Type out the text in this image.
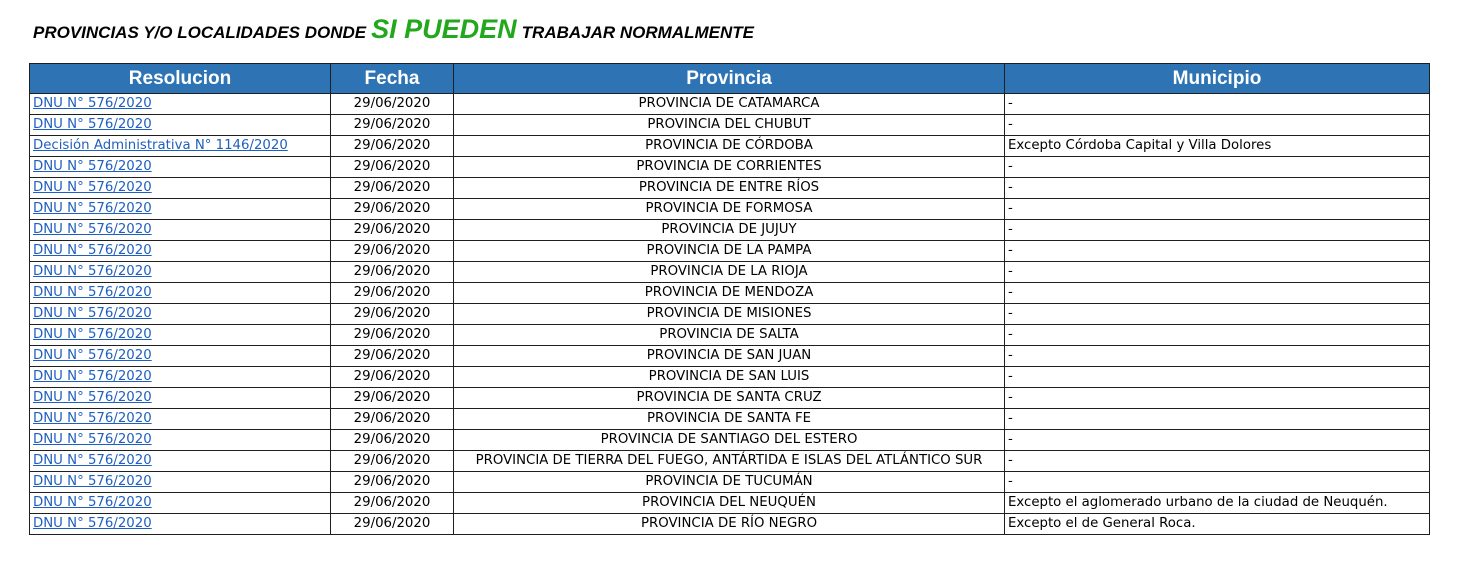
PROVINCIAS Y/O LOCALIDADES DONDE SI PUEDEN TRABAJAR NORMALMENTE
Resolucion	Fecha	Provincia	Municipio
DNU N° 576/2020	29/06/2020	PROVINCIA DE CATAMARCA	-
DNU N° 576/2020	29/06/2020	PROVINCIA DEL CHUBUT	-
Decisión Administrativa N° 1146/2020	29/06/2020	PROVINCIA DE CÓRDOBA	Excepto Córdoba Capital y Villa Dolores
DNU N° 576/2020	29/06/2020	PROVINCIA DE CORRIENTES	-
DNU N° 576/2020	29/06/2020	PROVINCIA DE ENTRE RÍOS	-
DNU N° 576/2020	29/06/2020	PROVINCIA DE FORMOSA	-
DNU N° 576/2020	29/06/2020	PROVINCIA DE JUJUY	-
DNU N° 576/2020	29/06/2020	PROVINCIA DE LA PAMPA	-
DNU N° 576/2020	29/06/2020	PROVINCIA DE LA RIOJA	-
DNU N° 576/2020	29/06/2020	PROVINCIA DE MENDOZA	-
DNU N° 576/2020	29/06/2020	PROVINCIA DE MISIONES	-
DNU N° 576/2020	29/06/2020	PROVINCIA DE SALTA	-
DNU N° 576/2020	29/06/2020	PROVINCIA DE SAN JUAN	-
DNU N° 576/2020	29/06/2020	PROVINCIA DE SAN LUIS	-
DNU N° 576/2020	29/06/2020	PROVINCIA DE SANTA CRUZ	-
DNU N° 576/2020	29/06/2020	PROVINCIA DE SANTA FE	-
DNU N° 576/2020	29/06/2020	PROVINCIA DE SANTIAGO DEL ESTERO	-
DNU N° 576/2020	29/06/2020	PROVINCIA DE TIERRA DEL FUEGO, ANTÁRTIDA E ISLAS DEL ATLÁNTICO SUR	-
DNU N° 576/2020	29/06/2020	PROVINCIA DE TUCUMÁN	-
DNU N° 576/2020	29/06/2020	PROVINCIA DEL NEUQUÉN	Excepto el aglomerado urbano de la ciudad de Neuquén.
DNU N° 576/2020	29/06/2020	PROVINCIA DE RÍO NEGRO	Excepto el de General Roca.
